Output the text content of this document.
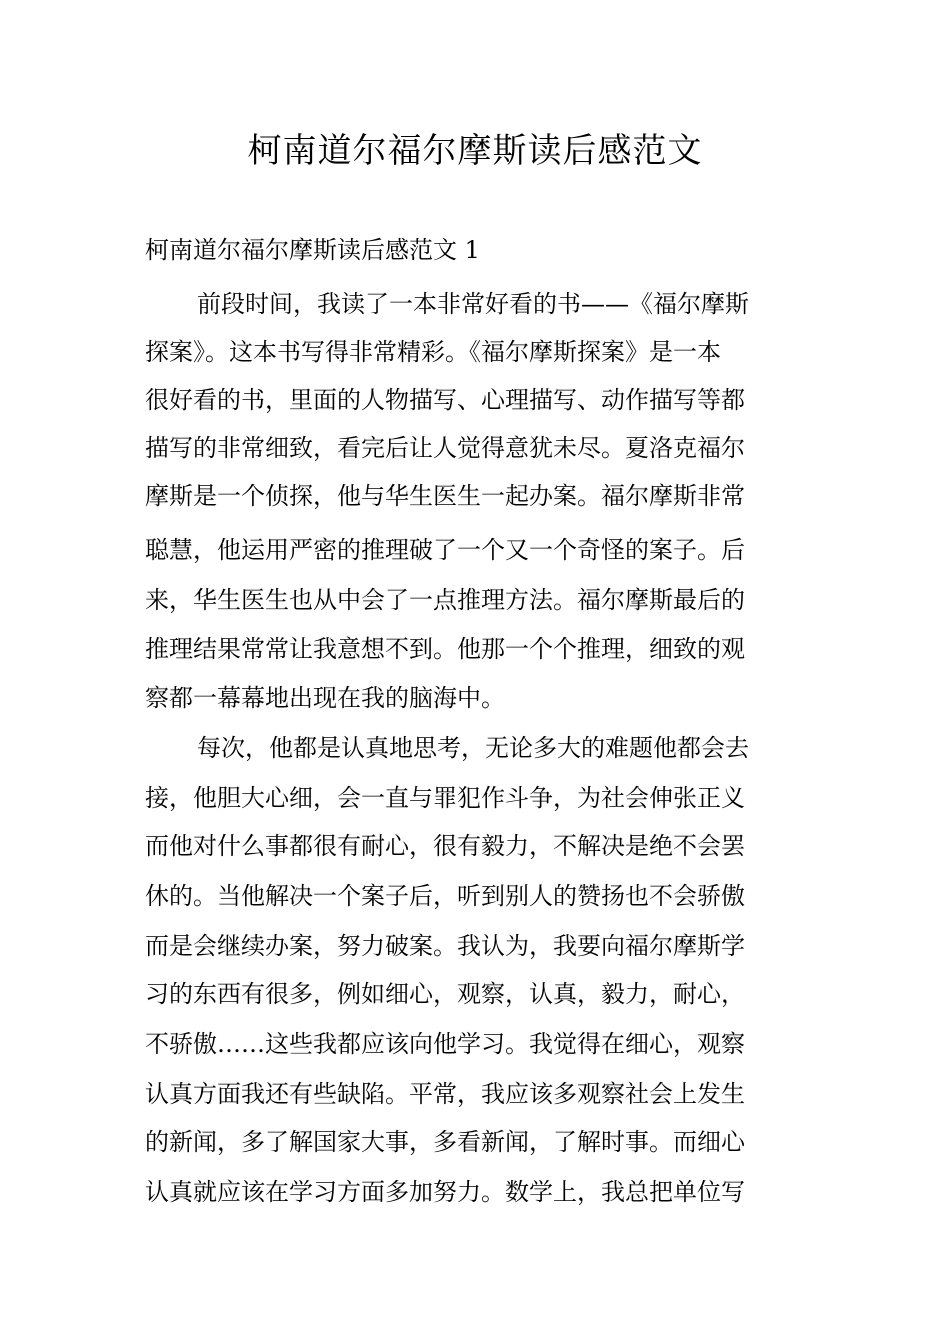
柯南道尔福尔摩斯读后感范文

柯南道尔福尔摩斯读后感范文 1

前段时间，我读了一本非常好看的书——《福尔摩斯

探案》。这本书写得非常精彩。《福尔摩斯探案》是一本

很好看的书，里面的人物描写、心理描写、动作描写等都

描写的非常细致，看完后让人觉得意犹未尽。夏洛克福尔

摩斯是一个侦探，他与华生医生一起办案。福尔摩斯非常

聪慧，他运用严密的推理破了一个又一个奇怪的案子。后

来，华生医生也从中会了一点推理方法。福尔摩斯最后的

推理结果常常让我意想不到。他那一个个推理，细致的观

察都一幕幕地出现在我的脑海中。

每次，他都是认真地思考，无论多大的难题他都会去

接，他胆大心细，会一直与罪犯作斗争，为社会伸张正义

而他对什么事都很有耐心，很有毅力，不解决是绝不会罢

休的。当他解决一个案子后，听到别人的赞扬也不会骄傲

而是会继续办案，努力破案。我认为，我要向福尔摩斯学

习的东西有很多，例如细心，观察，认真，毅力，耐心，

不骄傲……这些我都应该向他学习。我觉得在细心，观察

认真方面我还有些缺陷。平常，我应该多观察社会上发生

的新闻，多了解国家大事，多看新闻，了解时事。而细心

认真就应该在学习方面多加努力。数学上，我总把单位写
